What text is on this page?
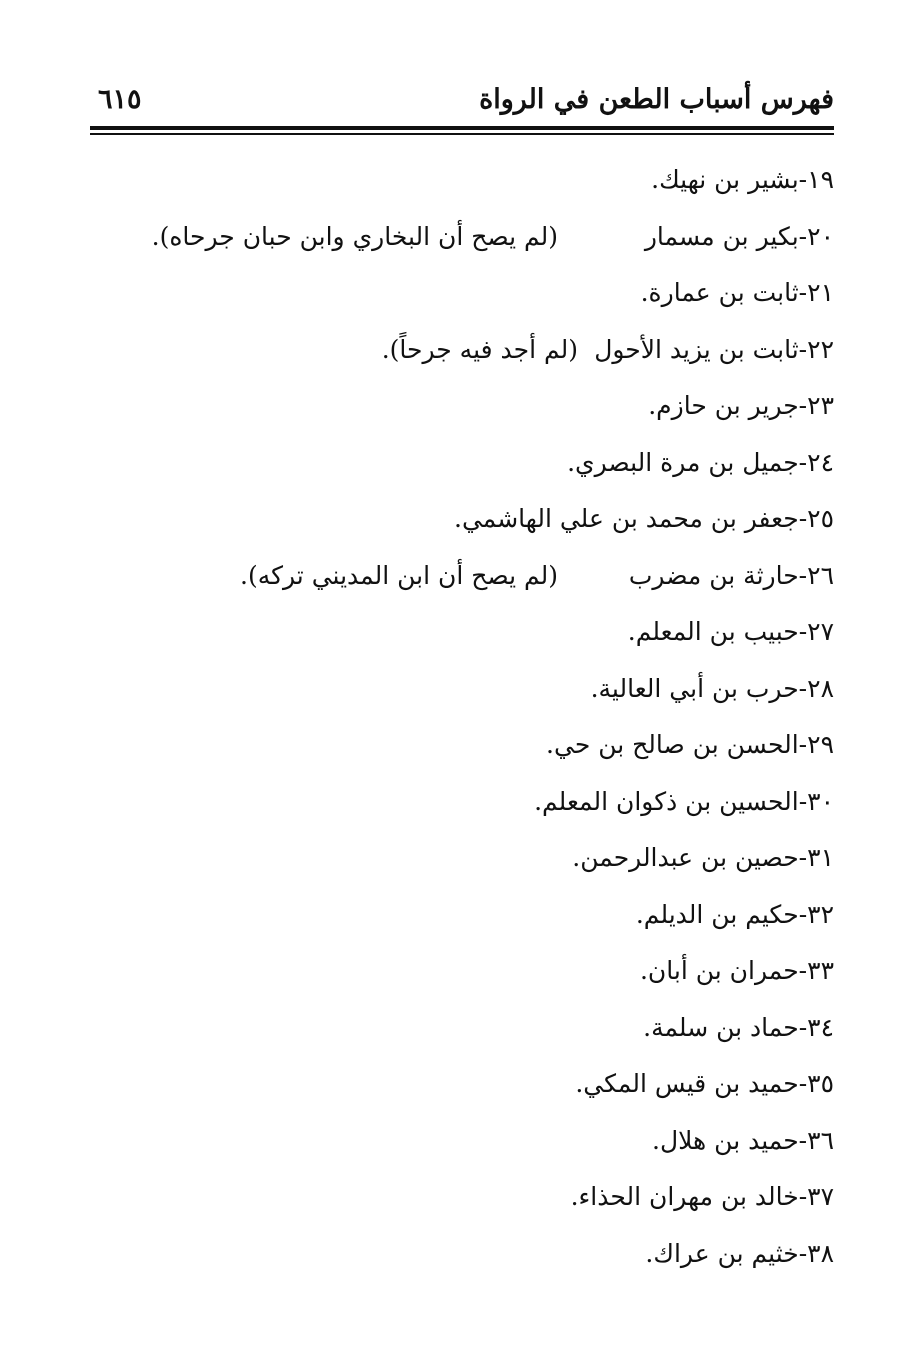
فهرس أسباب الطعن في الرواة
٦١٥
١٩-بشير بن نهيك.
٢٠-بكير بن مسمار
(لم يصح أن البخاري وابن حبان جرحاه).
٢١-ثابت بن عمارة.
٢٢-ثابت بن يزيد الأحول
(لم أجد فيه جرحاً).
٢٣-جرير بن حازم.
٢٤-جميل بن مرة البصري.
٢٥-جعفر بن محمد بن علي الهاشمي.
٢٦-حارثة بن مضرب
(لم يصح أن ابن المديني تركه).
٢٧-حبيب بن المعلم.
٢٨-حرب بن أبي العالية.
٢٩-الحسن بن صالح بن حي.
٣٠-الحسين بن ذكوان المعلم.
٣١-حصين بن عبدالرحمن.
٣٢-حكيم بن الديلم.
٣٣-حمران بن أبان.
٣٤-حماد بن سلمة.
٣٥-حميد بن قيس المكي.
٣٦-حميد بن هلال.
٣٧-خالد بن مهران الحذاء.
٣٨-خثيم بن عراك.
